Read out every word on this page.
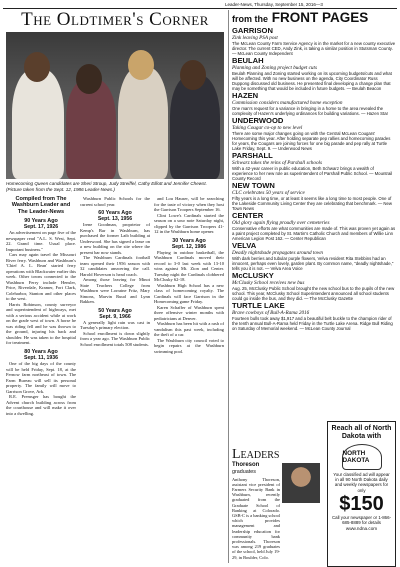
Leader-News, Thursday, September 15, 2016—3
The Oldtimer's Corner
Homecoming Queen candidates are Sheri Stroup, Judy Streiffel, Cathy Elliott and Jennifer Chewst. (Picture taken from the Sept. 12, 1986 Leader-News.)
Compiled from The Washburn Leader and The Leader-News
90 Years Ago
Sept. 17, 1926

An advertisement on page five of the newspaper read "A.L. S. West, Sept. 22. Grand time. Usual place. Important business."

Cars may again travel the Missouri River ferry. Washburn and Washburn's 'Chief A. L. Bean' started ferry operations with Blackwater earlier this week. Other towns connected to the Washburn Ferry include Hensler, Price, Riverdale, Kramer, Fort Clark, Coleharbor, Stanton and other places to the west.

Harris Robinson, county surveyor and superintendent of highways, met with a serious accident while at work on the grade west of town. A horse he was riding fell and he was thrown to the ground, injuring his back and shoulder. He was taken to the hospital for treatment.

80 Years Ago
Sept. 11, 1936

One of the big days of the county will be held Friday, Sept. 18, at the Fernow farm northeast of town. The Farm Bureau will sell its personal property. The family will move to Garrison Grove, Ark.

R.E. Premsger has bought the Advent church building across from the courthouse and will make it over into a dwelling.

Washburn Public Schools for the current school year.

60 Years Ago
Sept. 13, 1956

Irene Goodman, proprietor of Kemp's Bar in Washburn, has purchased the former Laib building at Underwood. She has signed a lease on a new building on the site where the present bar now stands.

The Washburn Cardinals football team opened their 1956 season with 32 candidates answering the call. Harold Hoverson is head coach.

Among those leaving for Minot State Teachers College from Washburn were Lorraine Fritz, Mary Simons, Marvin Ruud and Lynn Bakken.

50 Years Ago
Sept. 9, 1966

A generally light rain was cast in Tuesday's primary election.

School enrollment is down slightly from a year ago. The Washburn Public School enrollment totals 508 students.

and Lou Hauser, will be searching for the taste of victory when they host the Garrison Troopers September 16.

Clint Lowe's Cardinals started the season on a sour note Saturday night, clipped by the Garrison Troopers 41-12 in the Washburn home opener.

30 Years Ago
Sept. 12, 1986

Playing in outdoor basketball, the Washburn Cardinals moved their record to 3-0 last week with 13-10 wins against Mt. Zion and Center. Tuesday night the Cardinals clobbered McClusky 62-18.

Washburn High School has a new class of homecoming royalty. The Cardinals will face Garrison in the Homecoming game Friday.

Karen Schaffer of Washburn spent three offensive winter months with pediatricians at Denver.

Washburn has been hit with a rash of vandalism this past week, including the theft of a car.

The Washburn city council voted to begin repairs at the Washburn swimming pool.

from the FRONT PAGES
GARRISON
Zink leaving PSA post
The McLean County Farm Service Agency is in the market for a new county executive director. The current CED, Andy Zink, is taking a similar position in Stutsman County. — McLean County Independent
BEULAH
Planning and Zoning project budget cuts
Beulah Planning and Zoning started working on its upcoming budgets/cuts and what will be affected. With no new business on the agenda, City Coordinator Russ Duppong discussed old business. He presented final developing a change plan that may be something that would be included in future budgets. — Beulah Beacon
HAZEN
Commission considers manufactured home exception
One man's request for a variance in bringing in a home to the area revealed the complexity of Hazen's underlying ordinances for building variations. — Hazen Star
UNDERWOOD
Taking Cougar co-op to new level
There are some major changes going on with the Central McLean Cougars' Homecoming this year. After holding separate pep rallies and homecoming parades for years, the Cougars are joining forces for one big parade and pep rally at Turtle Lake Friday, Sept. 9. — Underwood News
PARSHALL
Schwarz takes the reins of Parshall schools
With a 42-year career in public education, Beth Schwarz brings a wealth of experience to her new role as superintendent of Parshall Public School. — Mountrail County Record
NEW TOWN
CLC celebrates 50 years of service
Fifty years is a long time, or at least it seems like a long time to most people. One of the Lakeside Community Living Center they are celebrating that benchmark. — New Town News
CENTER
Old glory again flying proudly over cemeteries
Conservative efforts are what communities are made of. This was proven yet again as a paint project completed by St. Martin's Catholic Church and members of Willie Linn American Legion Post 162. — Center Republican
VELVA
Deadly nightshade propagates around town
With dark berries and tubular purple flowers, Velva resident Rita Stebbins had an innocent, perhaps even lovely, garden plant. By common name, "deadly nightshade," tells you it is not. — Velva Area Voice
McCLUSKY
McClusky School receives new bus
Aug. 25, McClusky Public School brought the new school bus to the pupils of the new school. This year, McClusky School Superintendent announced all school students could go inside the bus, and they did. — The McClusky Gazette
TURTLE LAKE
Brave cowboys of Bull-A-Rama 2016
Fourteen bulls took away $1,917 and a beautiful belt buckle to the champion rider of the tenth annual Bull-A-Rama held Friday in the Turtle Lake Arena. Ridge Bull Riding on Saturday of Memorial weekend. — McLean County Journal
Leaders
Thoreson
graduates
Anthony Thoreson, assistant vice president of Farmers Security Bank in Washburn, recently graduated from the Graduate School of Banking at Colorado. GSB-C is a banking school which provides management and leadership education for community bank professionals. Thoreson was among 219 graduates of the school, held July 19-29, in Boulder, Colo.
Reach all of North Dakota with
NORTH DAKOTA
Your classified ad will appear in all 90 North Dakota daily and weekly newspapers for only
$150
Call your newspaper or 1-866-685-8889 for details
www.ndna.com
